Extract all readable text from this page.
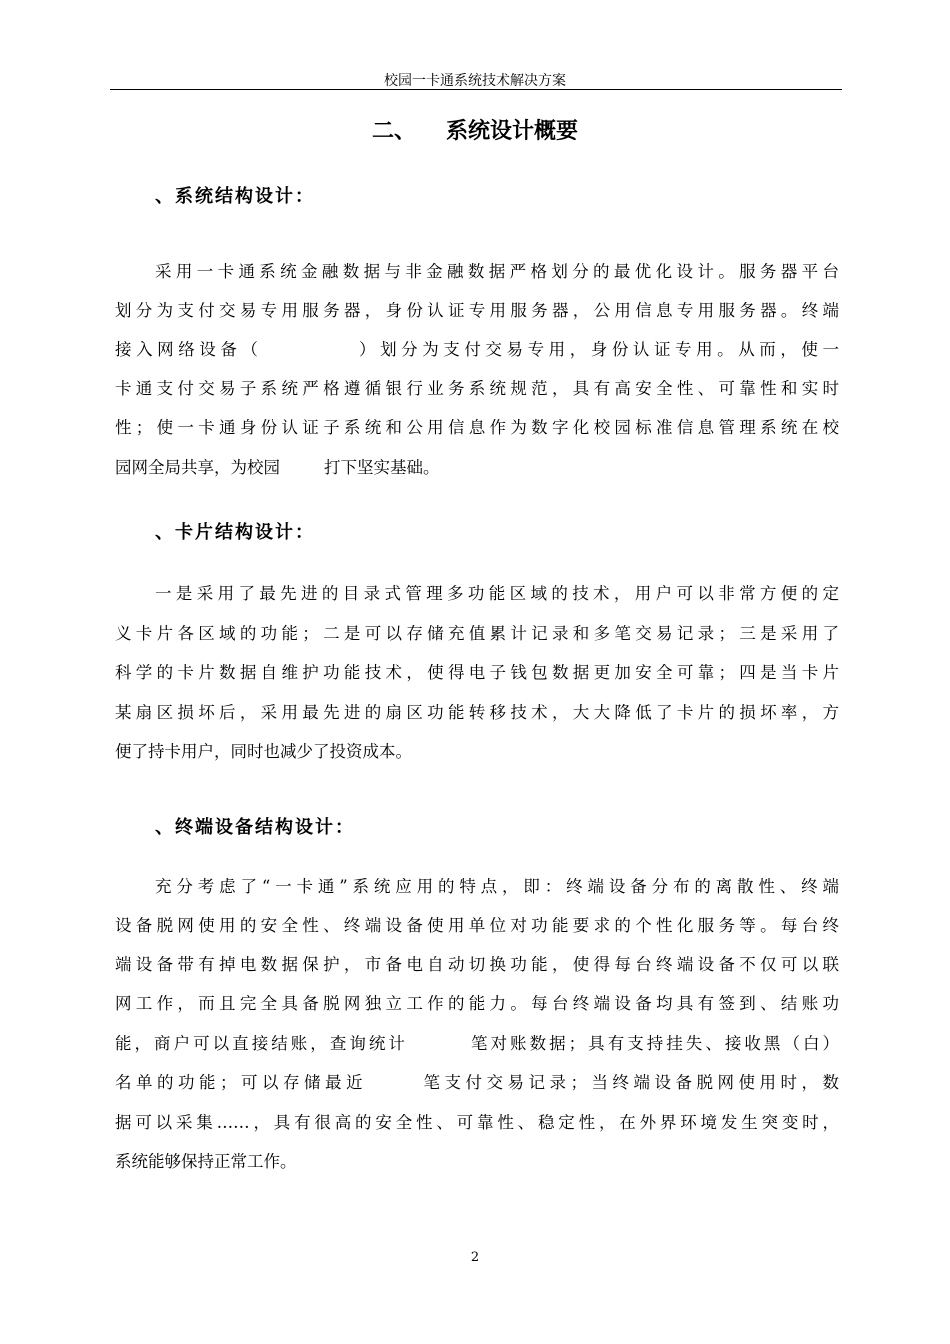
校园一卡通系统技术解决方案
二、 系统设计概要
、系统结构设计：
采用一卡通系统金融数据与非金融数据严格划分的最优化设计。服务器平台
划分为支付交易专用服务器，身份认证专用服务器，公用信息专用服务器。终端
接入网络设备（	）划分为支付交易专用，身份认证专用。从而，使一
卡通支付交易子系统严格遵循银行业务系统规范，具有高安全性、可靠性和实时
性；使一卡通身份认证子系统和公用信息作为数字化校园标准信息管理系统在校
园网全局共享，为校园	打下坚实基础。
、卡片结构设计：
一是采用了最先进的目录式管理多功能区域的技术，用户可以非常方便的定
义卡片各区域的功能；二是可以存储充值累计记录和多笔交易记录；三是采用了
科学的卡片数据自维护功能技术，使得电子钱包数据更加安全可靠；四是当卡片
某扇区损坏后，采用最先进的扇区功能转移技术，大大降低了卡片的损坏率，方
便了持卡用户，同时也减少了投资成本。
、终端设备结构设计：
充分考虑了“一卡通”系统应用的特点，即：终端设备分布的离散性、终端
设备脱网使用的安全性、终端设备使用单位对功能要求的个性化服务等。每台终
端设备带有掉电数据保护，市备电自动切换功能，使得每台终端设备不仅可以联
网工作，而且完全具备脱网独立工作的能力。每台终端设备均具有签到、结账功
能，商户可以直接结账，查询统计	笔对账数据；具有支持挂失、接收黑（白）
名单的功能；可以存储最近	笔支付交易记录；当终端设备脱网使用时，数
据可以采集……，具有很高的安全性、可靠性、稳定性，在外界环境发生突变时，
系统能够保持正常工作。
2
